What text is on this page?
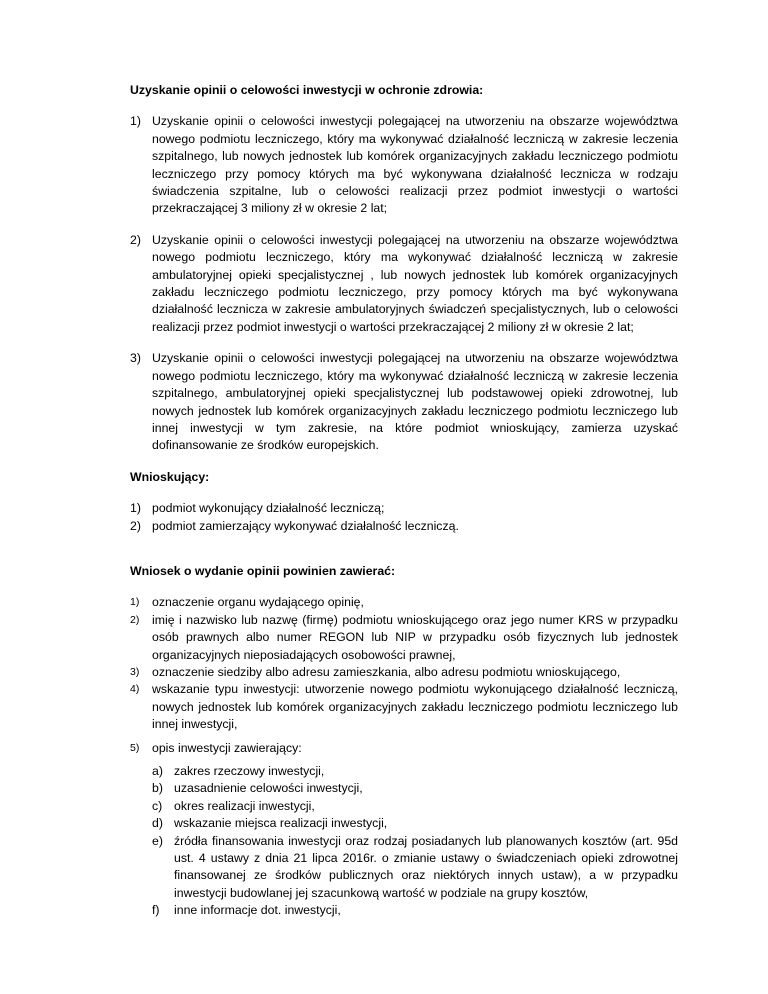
Uzyskanie opinii o celowości inwestycji w ochronie zdrowia:
1) Uzyskanie opinii o celowości inwestycji polegającej na utworzeniu na obszarze województwa nowego podmiotu leczniczego, który ma wykonywać działalność leczniczą w zakresie leczenia szpitalnego, lub nowych jednostek lub komórek organizacyjnych zakładu leczniczego podmiotu leczniczego przy pomocy których ma być wykonywana działalność lecznicza w rodzaju świadczenia szpitalne, lub o celowości realizacji przez podmiot inwestycji o wartości przekraczającej 3 miliony zł w okresie 2 lat;
2) Uzyskanie opinii o celowości inwestycji polegającej na utworzeniu na obszarze województwa nowego podmiotu leczniczego, który ma wykonywać działalność leczniczą w zakresie ambulatoryjnej opieki specjalistycznej , lub nowych jednostek lub komórek organizacyjnych zakładu leczniczego podmiotu leczniczego, przy pomocy których ma być wykonywana działalność lecznicza w zakresie ambulatoryjnych świadczeń specjalistycznych, lub o celowości realizacji przez podmiot inwestycji o wartości przekraczającej 2 miliony zł w okresie 2 lat;
3) Uzyskanie opinii o celowości inwestycji polegającej na utworzeniu na obszarze województwa nowego podmiotu leczniczego, który ma wykonywać działalność leczniczą w zakresie leczenia szpitalnego, ambulatoryjnej opieki specjalistycznej lub podstawowej opieki zdrowotnej, lub nowych jednostek lub komórek organizacyjnych zakładu leczniczego podmiotu leczniczego lub innej inwestycji w tym zakresie, na które podmiot wnioskujący, zamierza uzyskać dofinansowanie ze środków europejskich.
Wnioskujący:
1) podmiot wykonujący działalność leczniczą;
2) podmiot zamierzający wykonywać działalność leczniczą.
Wniosek o wydanie opinii powinien zawierać:
1) oznaczenie organu wydającego opinię,
2) imię i nazwisko lub nazwę (firmę) podmiotu wnioskującego oraz jego numer KRS w przypadku osób prawnych albo numer REGON lub NIP w przypadku osób fizycznych lub jednostek organizacyjnych nieposiadających osobowości prawnej,
3) oznaczenie siedziby albo adresu zamieszkania, albo adresu podmiotu wnioskującego,
4) wskazanie typu inwestycji: utworzenie nowego podmiotu wykonującego działalność leczniczą, nowych jednostek lub komórek organizacyjnych zakładu leczniczego podmiotu leczniczego lub innej inwestycji,
5) opis inwestycji zawierający:
a) zakres rzeczowy inwestycji,
b) uzasadnienie celowości inwestycji,
c) okres realizacji inwestycji,
d) wskazanie miejsca realizacji inwestycji,
e) źródła finansowania inwestycji oraz rodzaj posiadanych lub planowanych kosztów (art. 95d ust. 4 ustawy z dnia 21 lipca 2016r. o zmianie ustawy o świadczeniach opieki zdrowotnej finansowanej ze środków publicznych oraz niektórych innych ustaw), a w przypadku inwestycji budowlanej jej szacunkową wartość w podziale na grupy kosztów,
f) inne informacje dot. inwestycji,
